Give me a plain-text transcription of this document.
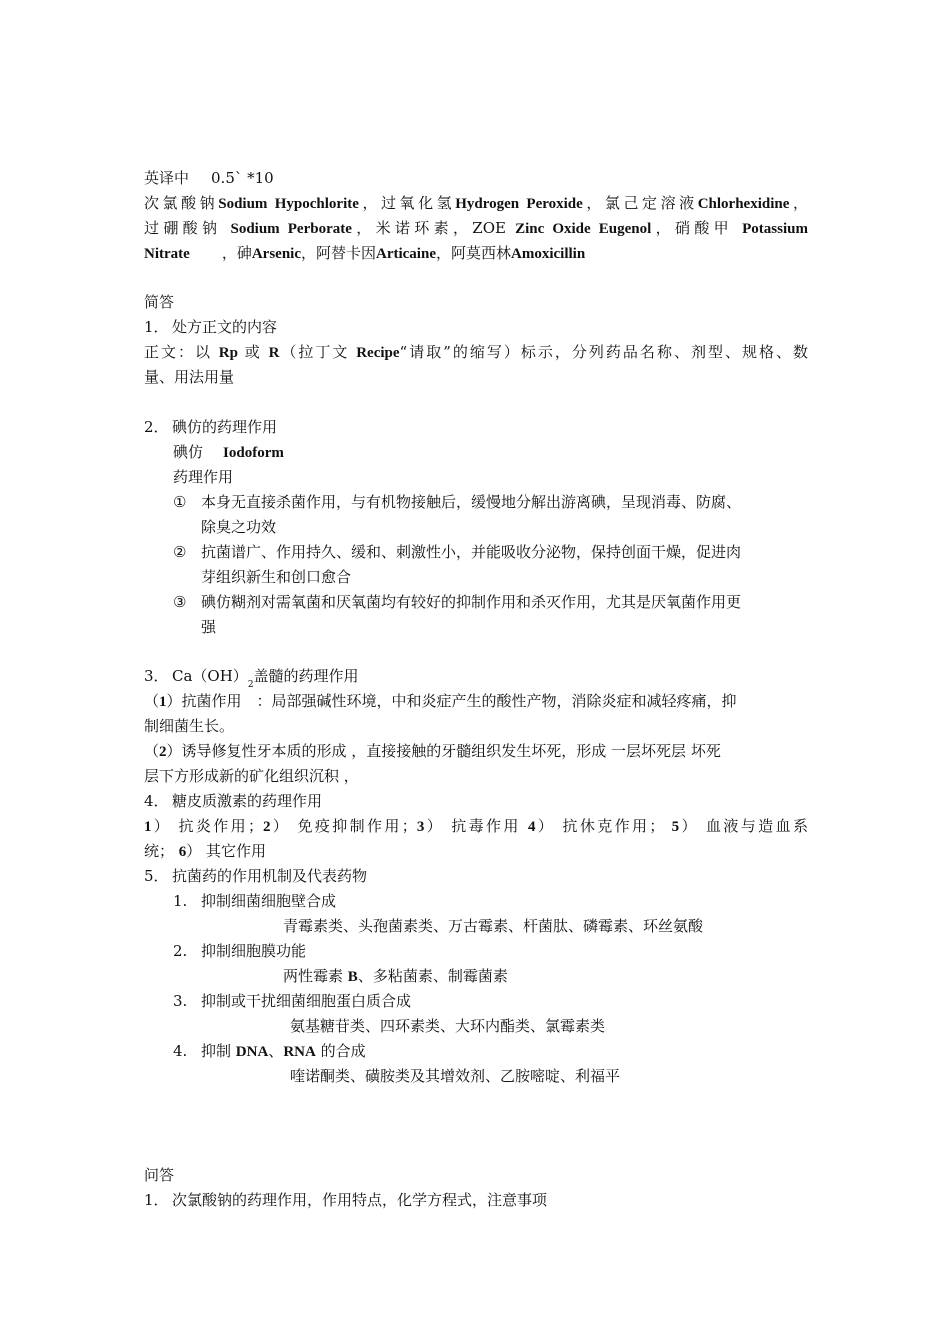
英译中 0.5` *10
次氯酸钠Sodium Hypochlorite，过氧化氢Hydrogen Peroxide，氯己定溶液Chlorhexidine，
过硼酸钠 Sodium Perborate，米诺环素，ZOE Zinc Oxide Eugenol，硝酸甲 Potassium
Nitrate ，砷Arsenic，阿替卡因Articaine，阿莫西林Amoxicillin
简答
1． 处方正文的内容
正文：以 Rp 或 R（拉丁文 Recipe“请取”的缩写）标示，分列药品名称、剂型、规格、数
量、用法用量
2． 碘仿的药理作用
碘仿 Iodoform
药理作用
① 本身无直接杀菌作用，与有机物接触后，缓慢地分解出游离碘，呈现消毒、防腐、
除臭之功效
② 抗菌谱广、作用持久、缓和、刺激性小，并能吸收分泌物，保持创面干燥，促进肉
芽组织新生和创口愈合
③ 碘仿糊剂对需氧菌和厌氧菌均有较好的抑制作用和杀灭作用，尤其是厌氧菌作用更
强
3． $Ca(OH)_2$盖髓的药理作用
（1）抗菌作用　：局部强碱性环境，中和炎症产生的酸性产物，消除炎症和减轻疼痛，抑
制细菌生长。
（2）诱导修复性牙本质的形成 ，直接接触的牙髓组织发生坏死，形成 一层坏死层 坏死
层下方形成新的矿化组织沉积 ，
4． 糖皮质激素的药理作用
1） 抗炎作用；2） 免疫抑制作用；3） 抗毒作用 4） 抗休克作用； 5） 血液与造血系
统； 6） 其它作用
5． 抗菌药的作用机制及代表药物
1. 抑制细菌细胞壁合成
青霉素类、头孢菌素类、万古霉素、杆菌肽、磷霉素、环丝氨酸
2. 抑制细胞膜功能
两性霉素 B、多粘菌素、制霉菌素
3. 抑制或干扰细菌细胞蛋白质合成
氨基糖苷类、四环素类、大环内酯类、氯霉素类
4. 抑制 DNA、RNA 的合成
喹诺酮类、磺胺类及其增效剂、乙胺嘧啶、利福平
问答
1． 次氯酸钠的药理作用，作用特点，化学方程式，注意事项
